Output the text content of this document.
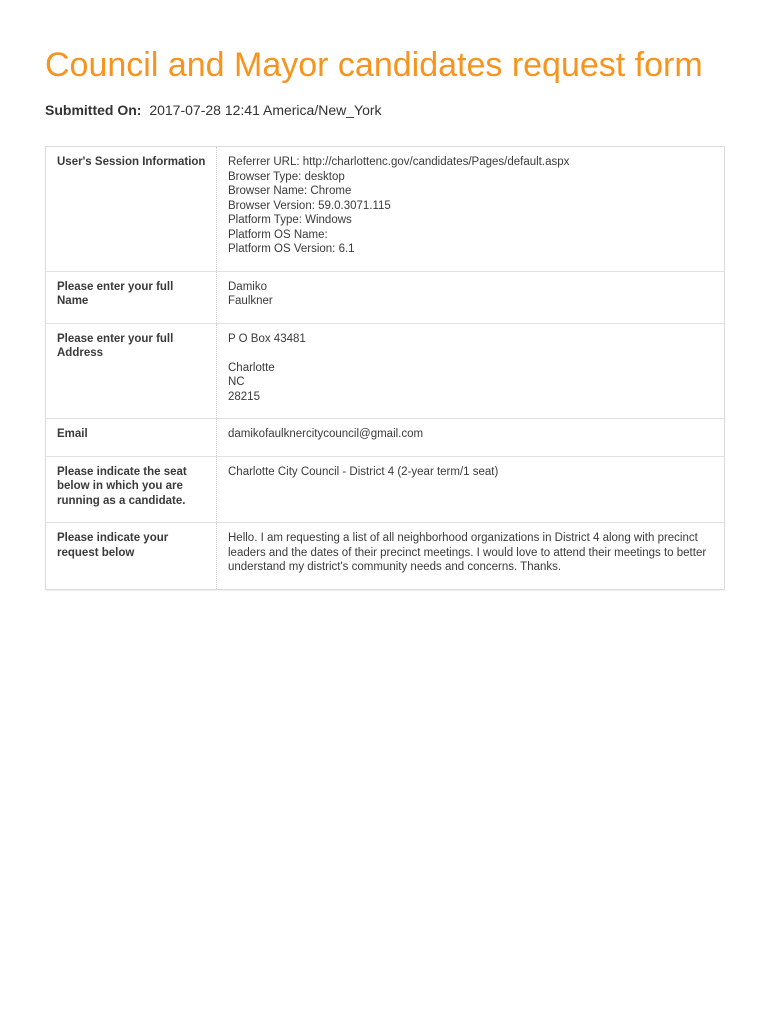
Council and Mayor candidates request form
Submitted On: 2017-07-28 12:41 America/New_York
User's Session Information	Referrer URL: http://charlottenc.gov/candidates/Pages/default.aspx
Browser Type: desktop
Browser Name: Chrome
Browser Version: 59.0.3071.115
Platform Type: Windows
Platform OS Name:
Platform OS Version: 6.1
Please enter your full Name
Damiko
Faulkner
Please enter your full Address
P O Box 43481
Charlotte
NC
28215
Email	damikofaulknercitycouncil@gmail.com
Please indicate the seat below in which you are running as a candidate.
Charlotte City Council - District 4 (2-year term/1 seat)
Please indicate your request below
Hello. I am requesting a list of all neighborhood organizations in District 4 along with precinct leaders and the dates of their precinct meetings. I would love to attend their meetings to better understand my district's community needs and concerns. Thanks.
